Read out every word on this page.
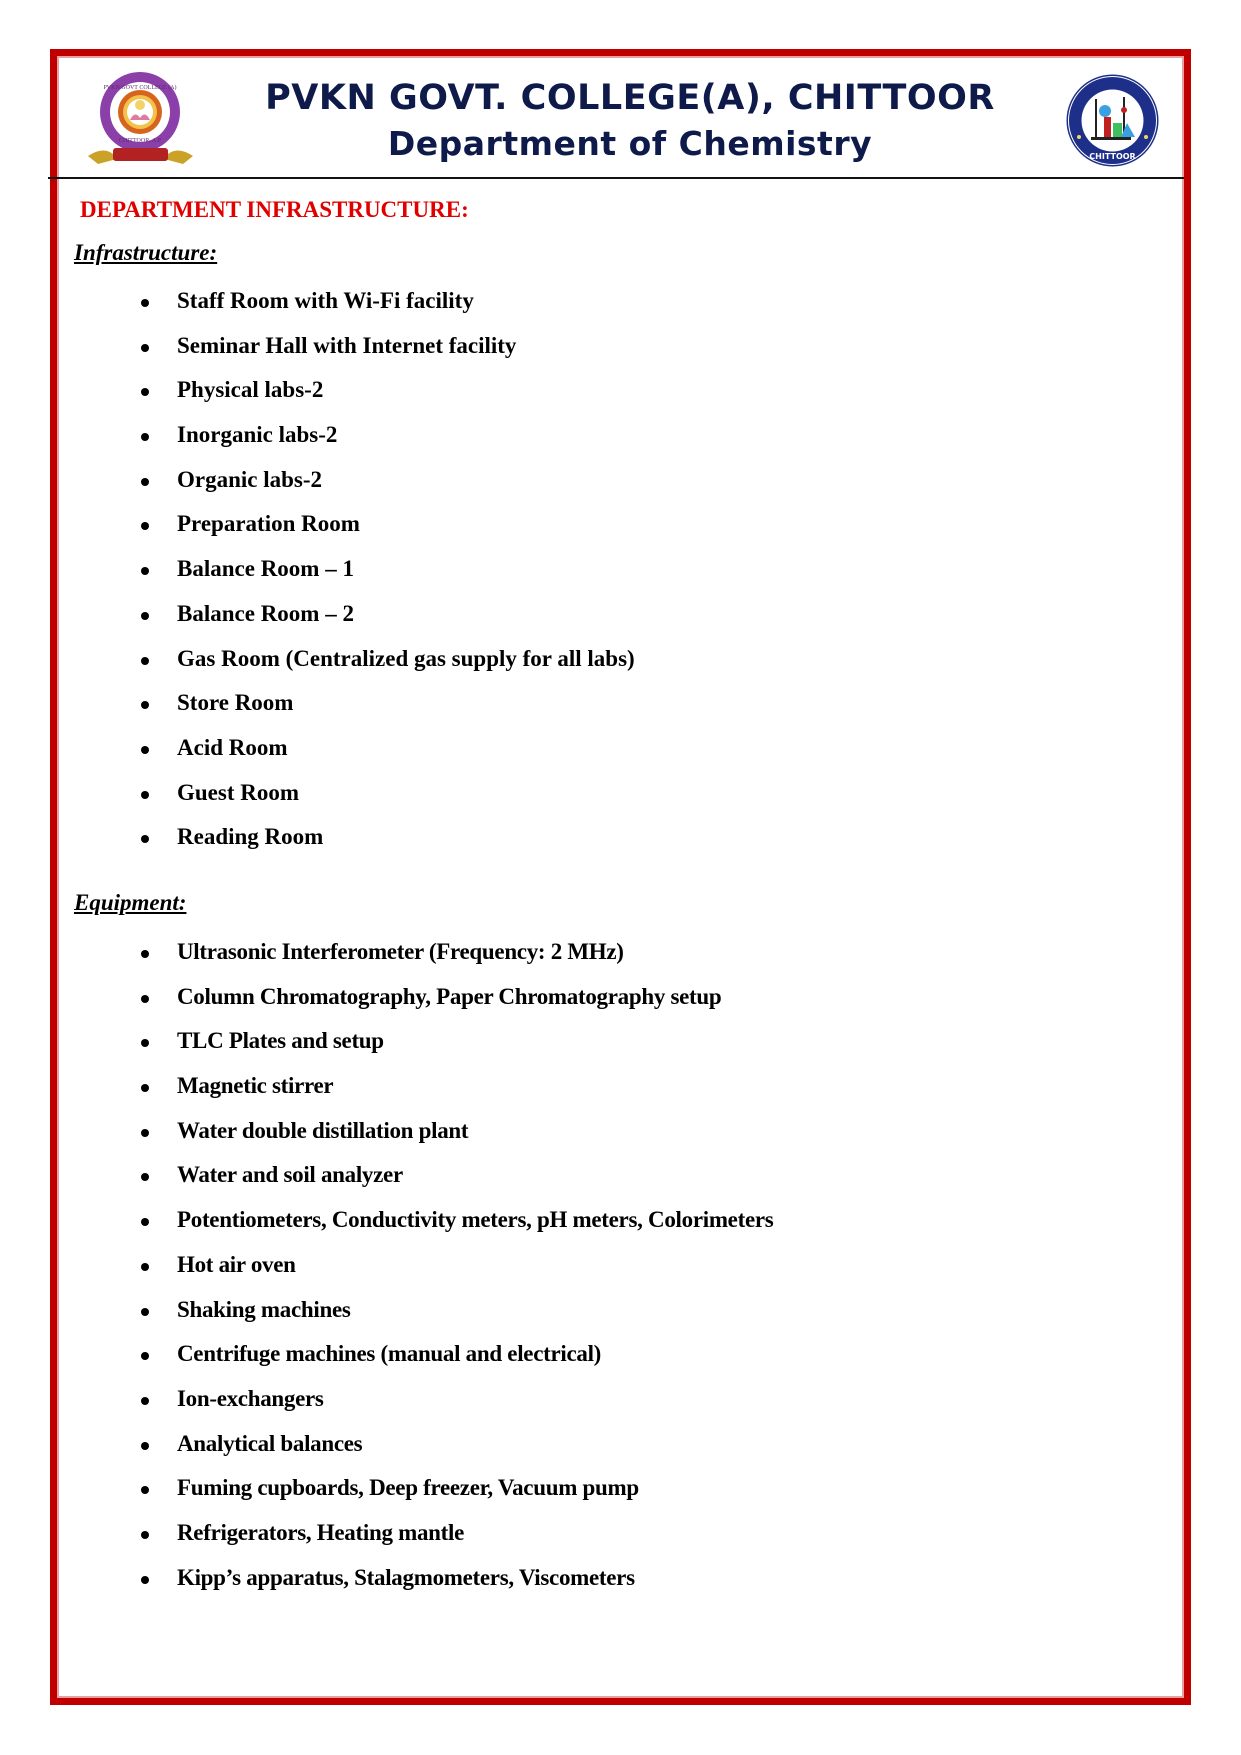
PVKN GOVT COLLEGE (A)
CHITTOOR, A.P
PVKN GOVT. COLLEGE(A), CHITTOOR
Department of Chemistry	CHITTOOR
DEPARTMENT INFRASTRUCTURE:
Infrastructure:
Staff Room with Wi-Fi facility
Seminar Hall with Internet facility
Physical labs-2
Inorganic labs-2
Organic labs-2
Preparation Room
Balance Room – 1
Balance Room – 2
Gas Room (Centralized gas supply for all labs)
Store Room
Acid Room
Guest Room
Reading Room
Equipment:
Ultrasonic Interferometer (Frequency: 2 MHz)
Column Chromatography, Paper Chromatography setup
TLC Plates and setup
Magnetic stirrer
Water double distillation plant
Water and soil analyzer
Potentiometers, Conductivity meters, pH meters, Colorimeters
Hot air oven
Shaking machines
Centrifuge machines (manual and electrical)
Ion-exchangers
Analytical balances
Fuming cupboards, Deep freezer, Vacuum pump
Refrigerators, Heating mantle
Kipp’s apparatus, Stalagmometers, Viscometers
